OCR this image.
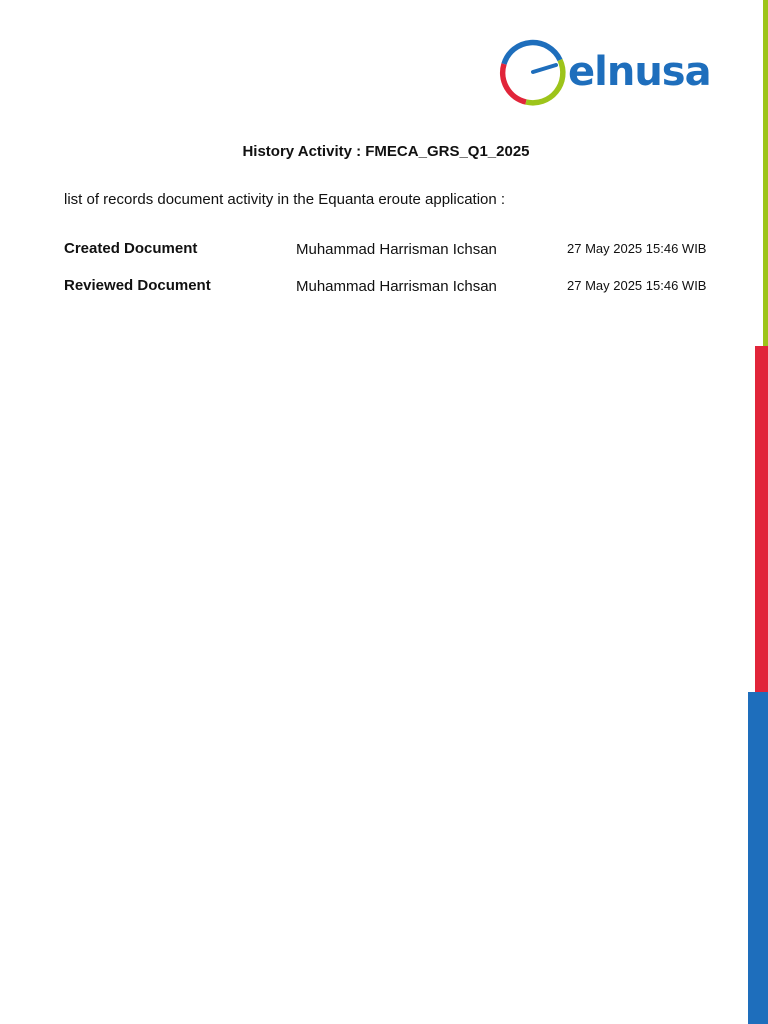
elnusa
History Activity : FMECA_GRS_Q1_2025
list of records document activity in the Equanta eroute application :
Created Document	Muhammad Harrisman Ichsan	27 May 2025 15:46 WIB
Reviewed Document	Muhammad Harrisman Ichsan	27 May 2025 15:46 WIB
